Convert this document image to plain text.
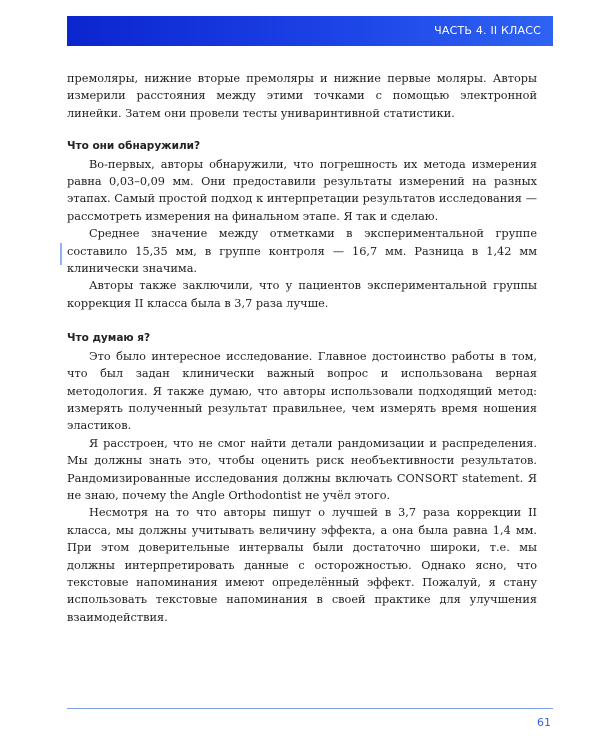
ЧАСТЬ 4. II КЛАСС

премоляры, нижние вторые премоляры и нижние первые моляры. Авторы измерили расстояния между этими точками с помощью электронной линейки. Затем они провели тесты униваринтивной статистики.

Что они обнаружили?

Во-первых, авторы обнаружили, что погрешность их метода измерения равна 0,03–0,09 мм. Они предоставили результаты измерений на разных этапах. Самый простой подход к интерпретации результатов исследования — рассмотреть измерения на финальном этапе. Я так и сделаю.

Среднее значение между отметками в экспериментальной группе составило 15,35 мм, в группе контроля — 16,7 мм. Разница в 1,42 мм клинически значима.

Авторы также заключили, что у пациентов экспериментальной группы коррекция II класса была в 3,7 раза лучше.

Что думаю я?

Это было интересное исследование. Главное достоинство работы в том, что был задан клинически важный вопрос и использована верная методология. Я также думаю, что авторы использовали подходящий метод: измерять полученный результат правильнее, чем измерять время ношения эластиков.

Я расстроен, что не смог найти детали рандомизации и распределения. Мы должны знать это, чтобы оценить риск необъективности результатов. Рандомизированные исследования должны включать CONSORT statement. Я не знаю, почему the Angle Orthodontist не учёл этого.

Несмотря на то что авторы пишут о лучшей в 3,7 раза коррекции II класса, мы должны учитывать величину эффекта, а она была равна 1,4 мм. При этом доверительные интервалы были достаточно широки, т.е. мы должны интерпретировать данные с осторожностью. Однако ясно, что текстовые напоминания имеют определённый эффект. Пожалуй, я стану использовать текстовые напоминания в своей практике для улучшения взаимодействия.

61
